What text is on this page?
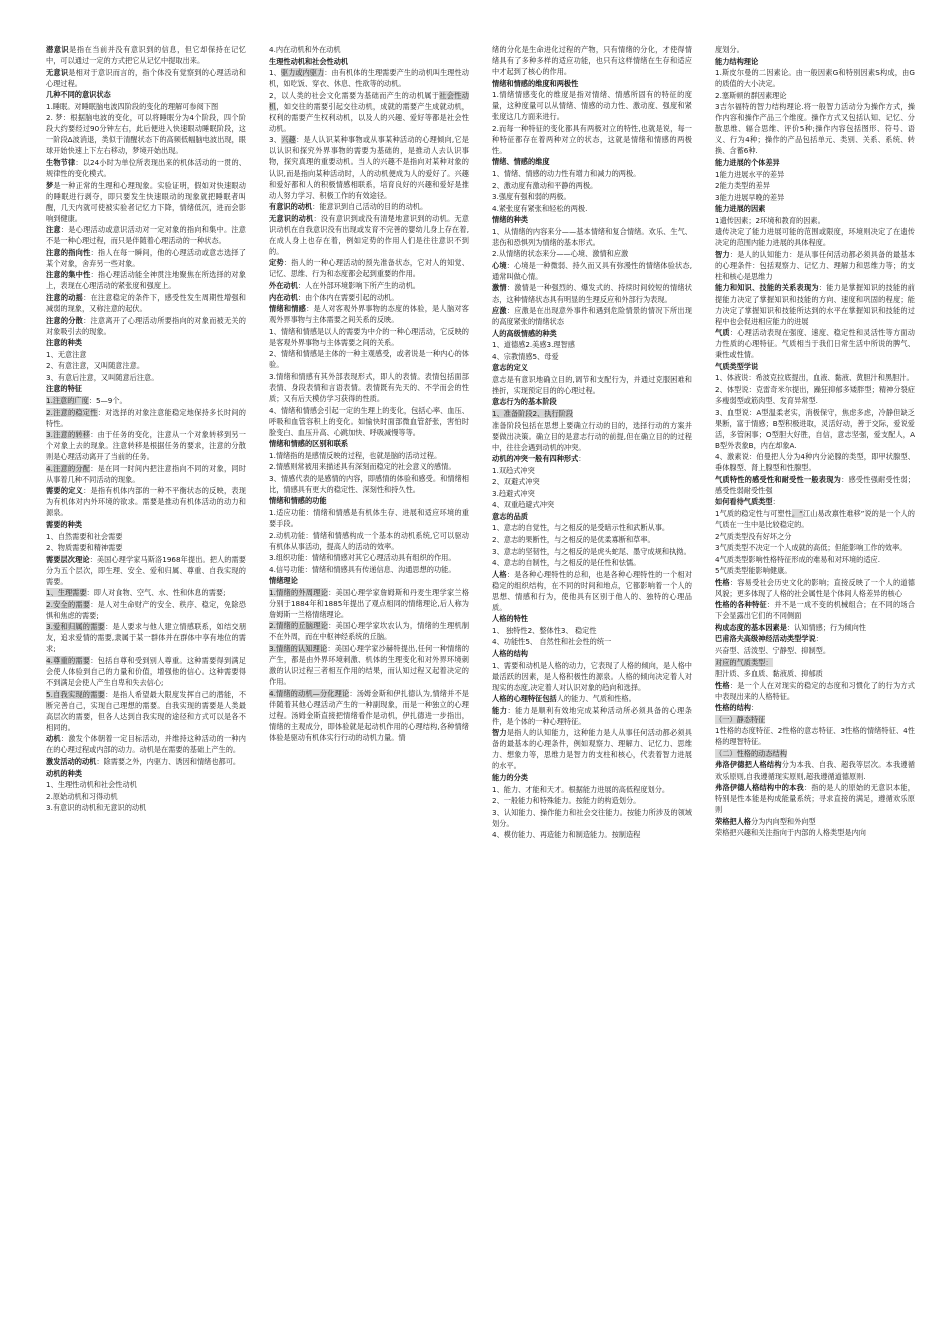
潜意识是指在当前并没有意识到的信息，但它却保持在记忆中，可以通过一定的方式把它从记忆中提取出来。

无意识是相对于意识而言的，指个体没有觉察到的心理活动和心理过程。

几种不同的意识状态

1.睡眠。对睡眠脑电波四阶段的变化的理解可参阅下图

2. 梦：根据脑电波的变化，可以将睡眠分为4个阶段，四个阶段大约要经过90分钟左右，此后便进入快速眼动睡眠阶段，这一阶段Δ波消退，类似于清醒状态下的高频低幅脑电波出现，眼球开始快速上下左右移动，梦境开始出现。

生物节律：以24小时为单位所表现出来的机体活动的一贯的、规律性的变化模式。

梦是一种正常的生理和心理现象。实验证明，假如对快速眼动的睡眠进行剥夺，即只要发生快速眼动的现象就把睡眠者叫醒，几天内就可使被实验者记忆力下降，情绪低沉，进而会影响到健康。

注意：是心理活动或意识活动对一定对象的指向和集中。注意不是一种心理过程，而只是伴随着心理活动的一种状态。

注意的指向性：指人在每一瞬间，他的心理活动或意志选择了某个对象，舍弃另一些对象。

注意的集中性：指心理活动能全神贯注地聚焦在所选择的对象上，表现在心理活动的紧张度和强度上。

注意的动摇：在注意稳定的条件下，感受性发生周期性增强和减弱的现象，又称注意的起伏。

注意的分散：注意离开了心理活动所要指向的对象而被无关的对象吸引去的现象。

注意的种类

1、无意注意

2、有意注意，又叫随意注意。

3、有意后注意，又叫随意后注意。

注意的特征

1.注意的广度：5—9个。

2.注意的稳定性：对选择的对象注意能稳定地保持多长时间的特性。

3.注意的转移：由于任务的变化，注意从一个对象转移到另一个对象上去的现象。注意转移是根据任务的要求，注意的分散则是心理活动离开了当前的任务。

4.注意的分配：是在同一时间内把注意指向不同的对象，同时从事着几种不同活动的现象。

需要的定义：是指有机体内部的一种不平衡状态的反映，表现为有机体对内外环境的欲求。需要是推动有机体活动的动力和源泉。

需要的种类

1、自然需要和社会需要

2、物质需要和精神需要

需要层次理论：美国心理学家马斯洛1968年提出。把人的需要分为五个层次，即生理、安全、爱和归属、尊重、自我实现的需要。

1、生理需要：即人对食物、空气、水、性和休息的需要;

2.安全的需要：是人对生命财产的安全、秩序、稳定，免除恐惧和焦虑的需要;

3.爱和归属的需要：是人要求与他人建立情感联系，如结交朋友，追求爱情的需要,隶属于某一群体并在群体中享有地位的需求;

4.尊重的需要：包括自尊和受到别人尊重。这种需要得到满足会使人体验到自己的力量和价值，增强他的信心。这种需要得不到满足会使人产生自卑和失去信心;

5.自我实现的需要：是指人希望最大限度发挥自己的潜能，不断完善自己，实现自己理想的需要。自我实现的需要是人类最高层次的需要，但各人达到自我实现的途径和方式可以是各不相同的。

动机：激发个体朝着一定目标活动，并维持这种活动的一种内在的心理过程或内部的动力。动机是在需要的基础上产生的。

激发活动的动机：除需要之外，内驱力、诱因和情绪也都可。

动机的种类

1、生理性动机和社会性动机

2.原始动机和习得动机

3.有意识的动机和无意识的动机

4.内在动机和外在动机

生理性动机和社会性动机

1、驱力或内驱力：由有机体的生理需要产生的动机叫生理性动机，如吃饭、穿衣、休息、性欲等的动机。

2，以人类的社会文化需要为基础而产生的动机属于社会性动机，如交往的需要引起交往动机，成就的需要产生成就动机，权利的需要产生权利动机，以及人的兴趣、爱好等都是社会性动机。

3、兴趣：是人认识某种事物或从事某种活动的心理倾向,它是以认识和探究外界事物的需要为基础的，是推动人去认识事物，探究真理的重要动机。当人的兴趣不是指向对某种对象的认识,而是指向某种活动时，人的动机便成为人的爱好了。兴趣和爱好都和人的积极情感相联系，培育良好的兴趣和爱好是推动人努力学习、积极工作的有效途径。

有意识的动机：能意识到自己活动的目的的动机。

无意识的动机：没有意识到或没有清楚地意识到的动机。无意识动机在自我意识没有出现或发育不完善的婴幼儿身上存在着,在成人身上也存在着，例如定势的作用人们是往往意识不到的。

定势：指人的一种心理活动的预先准备状态，它对人的知觉、记忆、思维、行为和态度都会起到重要的作用。

外在动机：人在外部环境影响下所产生的动机。

内在动机：由个体内在需要引起的动机。

情绪和情感：是人对客观外界事物的态度的体验，是人脑对客观外界事物与主体需要之间关系的反映。

1、情绪和情感是以人的需要为中介的一种心理活动，它反映的是客观外界事物与主体需要之间的关系。

2、情绪和情感是主体的一种主观感受，或者说是一种内心的体验。

3.情绪和情感有其外部表现形式，即人的表情。表情包括面部表情、身段表情和言语表情。表情既有先天的、不学而会的性质；又有后天模仿学习获得的性质。

4、情绪和情感会引起一定的生理上的变化，包括心率、血压、呼吸和血管容积上的变化。如愉快时面部微血管舒张，害怕时脸变白、血压升高、心跳加快、呼吸减慢等等。

情绪和情感的区别和联系

1.情绪指的是感情反映的过程，也就是脑的活动过程。

2.情感则常被用来描述具有深刻而稳定的社会意义的感情。

3、情感代表的是感情的内容，即感情的体验和感受。和情绪相比，情感具有更大的稳定性、深刻性和持久性。

情绪和情感的功能

1.适应功能：情绪和情感是有机体生存、进展和适应环境的重要手段。

2.动机功能：情绪和情感构成一个基本的动机系统,它可以驱动有机体从事活动，提高人的活动的效率。

3.组织功能：情绪和情感对其它心理活动具有组织的作用。

4.信号功能：情绪和情感具有传递信息、沟通思想的功能。

情绪理论

1.情绪的外周理论：美国心理学家詹姆斯和丹麦生理学家兰格分别于1884年和1885年提出了观点相同的情绪理论,后人称为詹姆斯一兰格情绪理论。

2.情绪的丘脑理论：美国心理学家坎农认为，情绪的生理机制不在外周，而在中枢神经系统的丘脑。

3.情绪的认知理论：美国心理学家沙赫特提出,任何一种情绪的产生，都是由外界环境刺激、机体的生理变化和对外界环境刺激的认识过程三者相互作用的结果，而认知过程又起着决定的作用。

4.情绪的动机—分化理论：汤姆金斯和伊扎德认为,情绪并不是伴随着其他心理活动产生的一种副现象，而是一种独立的心理过程。汤姆金斯直接把情绪看作是动机，伊扎德进一步指出，情绪的主观成分，即体验就是起动机作用的心理结构,各种情绪体验是驱动有机体实行行动的动机力量。情

绪的分化是生命进化过程的产物，只有情绪的分化，才使得情绪具有了多种多样的适应功能，也只有这样情绪在生存和适应中才起到了核心的作用。

情绪和情感的维度和两极性

1.情绪情感变化的维度是指对情绪、情感所固有的特征的度量，这种度量可以从情绪、情感的动力性、激动度、强度和紧张度这几方面来进行。

2.而每一种特征的变化都具有两极对立的特性,也就是说，每一种特征都存在着两种对立的状态，这就是情绪和情感的两极性。

情绪、情感的维度

1、情绪、情感的动力性有增力和减力的两极。

2、激动度有激动和平静的两极。

3.强度有强和弱的两极。

4.紧张度有紧张和轻松的两极.

情绪的种类

1、从情绪的内容来分——基本情绪和复合情绪。欢乐、生气、悲伤和恐惧列为情绪的基本形式。

2.从情绪的状态来分——心境、激情和应激

心境：心境是一种微弱、持久而又具有弥漫性的情绪体验状态,通常叫做心情。

激情：激情是一种强烈的、爆发式的、持续时间较短的情绪状态，这种情绪状态具有明显的生理反应和外部行为表现。

应激：应激是在出现意外事件和遇到危险情景的情况下所出现的高度紧张的情绪状态

人的高级情感的种类

1、道德感2.美感3.理智感

4、宗教情感5、母爱

意志的定义

意志是有意识地确立目的,调节和支配行为，并通过克服困难和挫折，实现预定目的的心理过程。

意志行为的基本阶段

1、准备阶段2、执行阶段

准备阶段包括在思想上要确立行动的目的，选择行动的方案并要做出决策。确立目的是意志行动的前提,但在确立目的的过程中，往往会遇到动机的冲突。

动机的冲突一般有四种形式：

1.双趋式冲突

2、双避式冲突

3.趋避式冲突

4、双重趋避式冲突

意志的品质

1、意志的自觉性，与之相反的是受暗示性和武断从事。

2、意志的果断性，与之相反的是优柔寡断和草率。

3、意志的坚韧性，与之相反的是虎头蛇尾、墨守成规和执拗。

4、意志的自制性，与之相反的是任性和怯懦。

人格：是各种心理特性的总和，也是各种心理特性的一个相对稳定的组织结构，在不同的时间和地点，它都影响着一个人的思想、情感和行为，使他具有区别于他人的、独特的心理品质。

人格的特性

1、 独特性2、整体性3、 稳定性

4、功能性5、 自然性和社会性的统一

人格的结构

1、需要和动机是人格的动力，它表现了人格的倾向，是人格中最活跃的因素，是人格积极性的源泉。人格的倾向决定着人对现实的态度,决定着人对认识对象的趋向和选择。

人格的心理特征包括人的能力、气质和性格。

能力：能力是顺利有效地完成某种活动所必须具备的心理条件，是个体的一种心理特征。

智力是指人的认知能力，这种能力是人从事任何活动都必须具备的最基本的心理条件，例如观察力、理解力、记忆力、思维力、想象力等，思维力是智力的支柱和核心，代表着智力进展的水平。

能力的分类

1、能力、才能和天才。根据能力进展的高低程度划分。

2、一般能力和特殊能力。按能力的构造划分。

3、认知能力、操作能力和社会交往能力。按能力所涉及的领域划分。

4、模仿能力、再造能力和制造能力。按制造程

度划分。

能力结构理论

1.斯皮尔曼的二因素论。由一般因素G和特别因素S构成，由G的质值的大小决定。

2.塞斯顿的群因素理论

3吉尔福特的智力结构理论.将一般智力活动分为操作方式，操作内容和操作产品三个维度。操作方式又包括认知、记忆、分散思维、辐合思维、评价5种;操作内容包括图形、符号、语义、行为4种；操作的产品包括单元、类别、关系、系统、转换、含蓄6种.

能力进展的个体差异

1能力进展水平的差异

2能力类型的差异

3能力进展早晚的差异

能力进展的因素

1遗传因素；2环境和教育的因素。

遗传决定了能力进展可能的范围或限度，环境则决定了在遗传决定的范围内能力进展的具体程度。

智力：是人的认知能力：是从事任何活动都必须具备的最基本的心理条件：包括观察力、记忆力、理解力和思维力等；的支柱和核心是思维力

能力和知识、技能的关系表现为：能力是掌握知识的技能的前提能力决定了掌握知识和技能的方向、速度和巩固的程度；能力决定了掌握知识和技能所达到的水平在掌握知识和技能的过程中也会促进相应能力的进展

气质：心理活动表现在强度、速度、稳定性和灵活性等方面动力性质的心理特征。气质相当于我们日常生活中所说的脾气、秉性或性情。

气质类型学说

1、体液说：希波克拉底提出，血液、黏液、黄胆汁和黑胆汁。

2、体型说：克雷奇米尔提出，躁狂抑郁多矮胖型；精神分裂症多瘦弱型或筋肉型、发育异常型.

3、血型说：A型温柔老实，消极保守，焦虑多虑，冷静但缺乏果断，富于情感；B型积极进取，灵活好动，善于交际，爱说爱活，多管闲事；O型胆大好胜，自信，意志坚强，爱支配人，AB型外表象B，内在却象A.

4、激素说：伯曼把人分为4种内分泌腺的类型，即甲状腺型、垂体腺型、肾上腺型和性腺型。

气质特性的感受性和耐受性一般表现为：感受性强耐受性弱；感受性弱耐受性强

如何看待气质类型：

1气质的稳定性与可塑性。“江山易改禀性难移”说的是一个人的气质在一生中是比较稳定的。

2气质类型没有好坏之分

3气质类型不决定一个人成就的高低；但能影响工作的效率。

4气质类型影响性格特征形成的难易和对环境的适应.

5气质类型能影响健康。

性格：容易受社会历史文化的影响；直接反映了一个人的道德风貌；更多体现了人格的社会属性是个体间人格差异的核心

性格的各种特征：并不是一成不变的机械组合；在不同的场合下会显露出它们的不同侧面

构成态度的基本因素是：认知情感；行为倾向性

巴甫洛夫高级神经活动类型学说：

兴奋型、活泼型、宁静型、抑制型。

对应的气质类型：

胆汁质、多血质、黏液质、抑郁质

性格：是一个人在对现实的稳定的态度和习惯化了的行为方式中表现出来的人格特征。

性格的结构：

（一）静态特征

1性格的态度特征、2性格的意志特征、3性格的情绪特征、4性格的理智特征。

（二）性格的动态结构

弗洛伊德把人格结构分为本我、自我、超我等层次。本我遵循欢乐原则,自我遵循现实原则,超我遵循道德原则.

弗洛伊德人格结构中的本我：指的是人的原始的无意识本能，特别是性本能是构成能量系统；寻求直接的满足，遵循欢乐原则

荣格把人格分为内向型和外向型

荣格把兴趣和关注指向于内部的人格类型是内向
